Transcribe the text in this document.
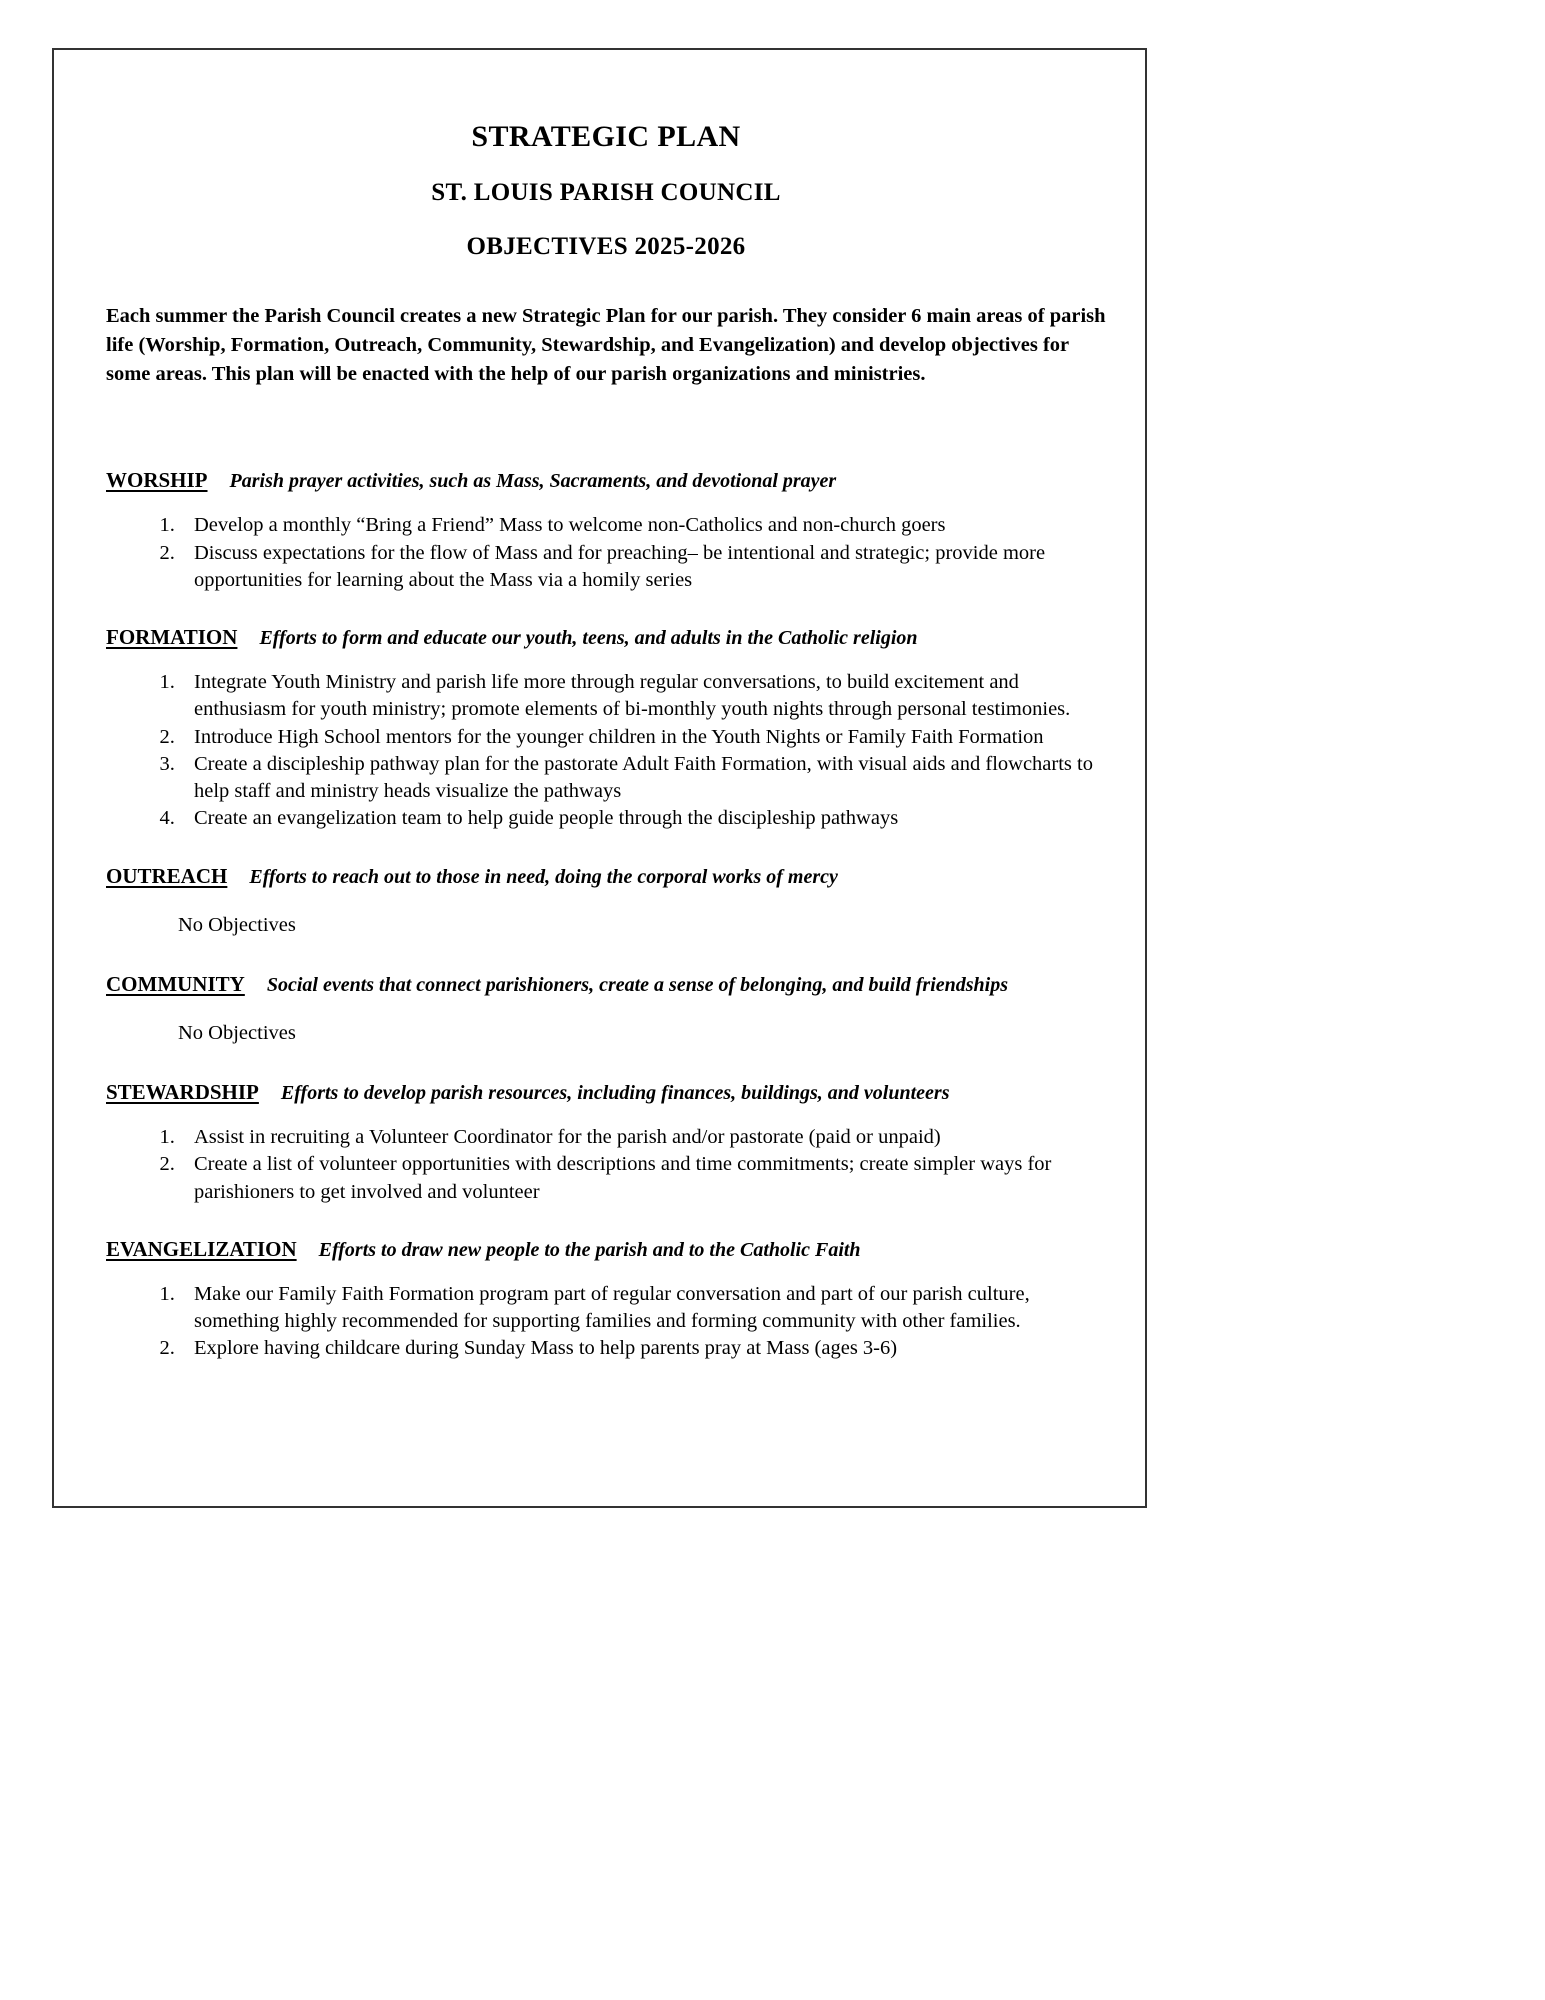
STRATEGIC PLAN
ST. LOUIS PARISH COUNCIL
OBJECTIVES 2025-2026

Each summer the Parish Council creates a new Strategic Plan for our parish. They consider 6 main areas of parish life (Worship, Formation, Outreach, Community, Stewardship, and Evangelization) and develop objectives for some areas. This plan will be enacted with the help of our parish organizations and ministries.

WORSHIP Parish prayer activities, such as Mass, Sacraments, and devotional prayer
1. Develop a monthly “Bring a Friend” Mass to welcome non-Catholics and non-church goers
2. Discuss expectations for the flow of Mass and for preaching– be intentional and strategic; provide more opportunities for learning about the Mass via a homily series
FORMATION Efforts to form and educate our youth, teens, and adults in the Catholic religion
1. Integrate Youth Ministry and parish life more through regular conversations, to build excitement and enthusiasm for youth ministry; promote elements of bi-monthly youth nights through personal testimonies.
2. Introduce High School mentors for the younger children in the Youth Nights or Family Faith Formation
3. Create a discipleship pathway plan for the pastorate Adult Faith Formation, with visual aids and flowcharts to help staff and ministry heads visualize the pathways
4. Create an evangelization team to help guide people through the discipleship pathways
OUTREACH Efforts to reach out to those in need, doing the corporal works of mercy
No Objectives
COMMUNITY Social events that connect parishioners, create a sense of belonging, and build friendships
No Objectives
STEWARDSHIP Efforts to develop parish resources, including finances, buildings, and volunteers
1. Assist in recruiting a Volunteer Coordinator for the parish and/or pastorate (paid or unpaid)
2. Create a list of volunteer opportunities with descriptions and time commitments; create simpler ways for parishioners to get involved and volunteer
EVANGELIZATION Efforts to draw new people to the parish and to the Catholic Faith
1. Make our Family Faith Formation program part of regular conversation and part of our parish culture, something highly recommended for supporting families and forming community with other families.
2. Explore having childcare during Sunday Mass to help parents pray at Mass (ages 3-6)
